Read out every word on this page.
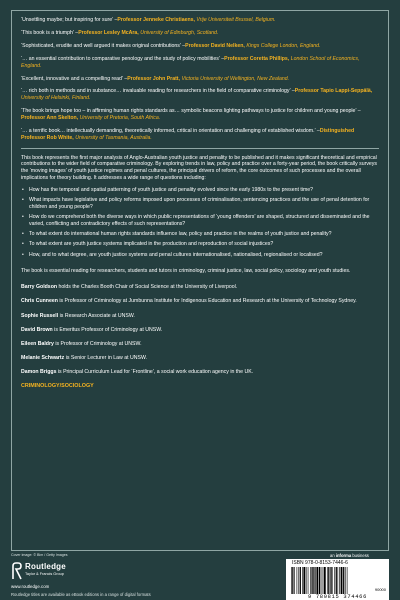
‘Unsettling maybe; but inspiring for sure’ –Professor Jenneke Christiaens, Vrije Universiteit Brussel, Belgium.
‘This book is a triumph’ –Professor Lesley McAra, University of Edinburgh, Scotland.
‘Sophisticated, erudite and well argued it makes original contributions’ –Professor David Nelken, Kings College London, England.
‘… an essential contribution to comparative penology and the study of policy mobilities’ –Professor Coretta Phillips, London School of Economics, England.
‘Excellent, innovative and a compelling read’ –Professor John Pratt, Victoria University of Wellington, New Zealand.
‘… rich both in methods and in substance… invaluable reading for researchers in the field of comparative criminology’ –Professor Tapio Lappi-Seppälä, University of Helsinki, Finland.
‘The book brings hope too – in affirming human rights standards as… symbolic beacons lighting pathways to justice for children and young people’ –Professor Ann Skelton, University of Pretoria, South Africa.
‘… a terrific book… intellectually demanding, theoretically informed, critical in orientation and challenging of established wisdom.’ –Distinguished Professor Rob White, University of Tasmania, Australia.
This book represents the first major analysis of Anglo-Australian youth justice and penality to be published and it makes significant theoretical and empirical contributions to the wider field of comparative criminology. By exploring trends in law, policy and practice over a forty-year period, the book critically surveys the ‘moving images’ of youth justice regimes and penal cultures, the principal drivers of reform, the core outcomes of such processes and the overall implications for theory building. It addresses a wide range of questions including:
• How has the temporal and spatial patterning of youth justice and penality evolved since the early 1980s to the present time?
• What impacts have legislative and policy reforms imposed upon processes of criminalisation, sentencing practices and the use of penal detention for children and young people?
• How do we comprehend both the diverse ways in which public representations of ‘young offenders’ are shaped, structured and disseminated and the varied, conflicting and contradictory effects of such representations?
• To what extent do international human rights standards influence law, policy and practice in the realms of youth justice and penality?
• To what extent are youth justice systems implicated in the production and reproduction of social injustices?
• How, and to what degree, are youth justice systems and penal cultures internationalised, nationalised, regionalised or localised?
The book is essential reading for researchers, students and tutors in criminology, criminal justice, law, social policy, sociology and youth studies.
Barry Goldson holds the Charles Booth Chair of Social Science at the University of Liverpool.
Chris Cunneen is Professor of Criminology at Jumbunna Institute for Indigenous Education and Research at the University of Technology Sydney.
Sophie Russell is Research Associate at UNSW.
David Brown is Emeritus Professor of Criminology at UNSW.
Eileen Baldry is Professor of Criminology at UNSW.
Melanie Schwartz is Senior Lecturer in Law at UNSW.
Damon Briggs is Principal Curriculum Lead for ‘Frontline’, a social work education agency in the UK.
CRIMINOLOGY/SOCIOLOGY
Cover image: © Bim / Getty Images
Routledge
Taylor & Francis Group
www.routledge.com
Routledge titles are available as eBook editions in a range of digital formats
an informa business
ISBN 978-0-8153-7446-6
90000
9 780815 374466
